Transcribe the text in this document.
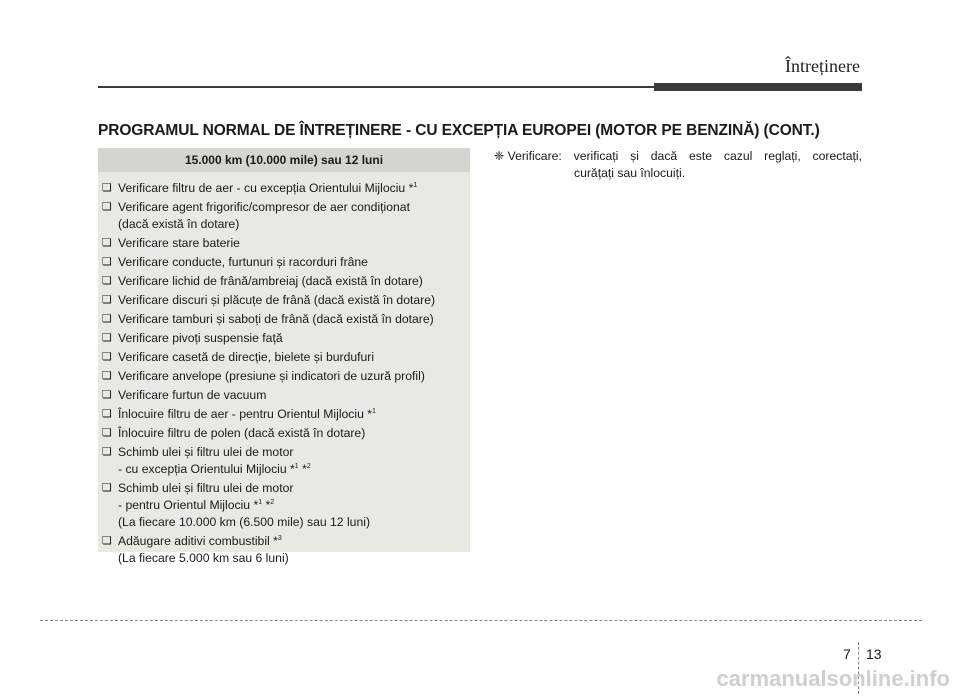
Întreținere
PROGRAMUL NORMAL DE ÎNTREȚINERE - CU EXCEPȚIA EUROPEI (MOTOR PE BENZINĂ) (CONT.)
15.000 km (10.000 mile) sau 12 luni
❏ Verificare filtru de aer - cu excepția Orientului Mijlociu *$^1$
❏ Verificare agent frigorific/compresor de aer condiționat
(dacă există în dotare)
❏ Verificare stare baterie
❏ Verificare conducte, furtunuri și racorduri frâne
❏ Verificare lichid de frână/ambreiaj (dacă există în dotare)
❏ Verificare discuri și plăcuțe de frână (dacă există în dotare)
❏ Verificare tamburi și saboți de frână (dacă există în dotare)
❏ Verificare pivoți suspensie față
❏ Verificare casetă de direcție, bielete și burdufuri
❏ Verificare anvelope (presiune și indicatori de uzură profil)
❏ Verificare furtun de vacuum
❏ Înlocuire filtru de aer - pentru Orientul Mijlociu *$^1$
❏ Înlocuire filtru de polen (dacă există în dotare)
❏ Schimb ulei și filtru ulei de motor
- cu excepția Orientului Mijlociu *$^1$ *$^2$
❏ Schimb ulei și filtru ulei de motor
- pentru Orientul Mijlociu *$^1$ *$^2$
(La fiecare 10.000 km (6.500 mile) sau 12 luni)
❏ Adăugare aditivi combustibil *$^3$
(La fiecare 5.000 km sau 6 luni)
❈ Verificare: verificați și dacă este cazul reglați, corectați,
curățați sau înlocuiți.
7 13
carmanualsonline.info
